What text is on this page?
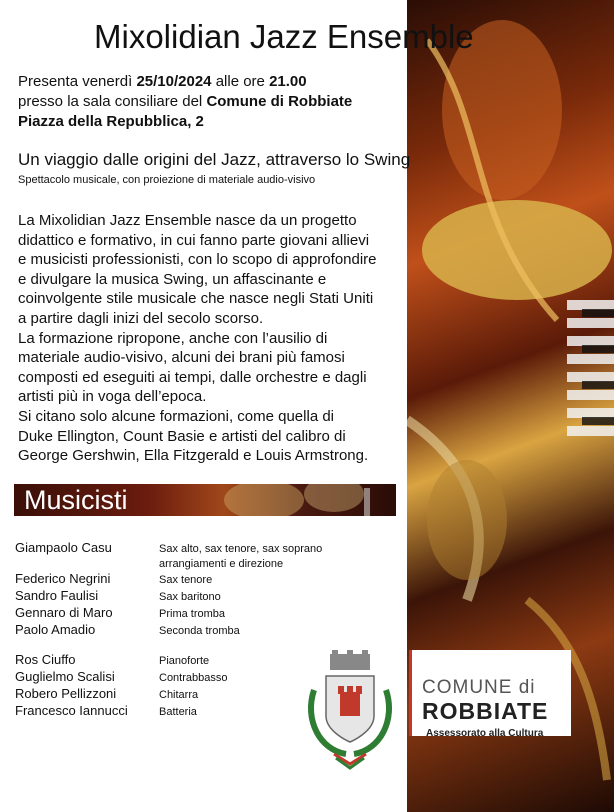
Mixolidian Jazz Ensemble

Presenta venerdì 25/10/2024 alle ore 21.00
presso la sala consiliare del Comune di Robbiate
Piazza della Repubblica, 2

Un viaggio dalle origini del Jazz, attraverso lo Swing
Spettacolo musicale, con proiezione di materiale audio-visivo
La Mixolidian Jazz Ensemble nasce da un progetto
didattico e formativo, in cui fanno parte giovani allievi
e musicisti professionisti, con lo scopo di approfondire
e divulgare la musica Swing, un affascinante e
coinvolgente stile musicale che nasce negli Stati Uniti
a partire dagli inizi del secolo scorso.
La formazione ripropone, anche con l’ausilio di
materiale audio-visivo, alcuni dei brani più famosi
composti ed eseguiti ai tempi, dalle orchestre e dagli
artisti più in voga dell’epoca.
Si citano solo alcune formazioni, come quella di
Duke Ellington, Count Basie e artisti del calibro di
George Gershwin, Ella Fitzgerald e Louis Armstrong.
Musicisti
Giampaolo Casu	Sax alto, sax tenore, sax soprano
arrangiamenti e direzione
Federico Negrini	Sax tenore
Sandro Faulisi	Sax baritono
Gennaro di Maro	Prima tromba
Paolo Amadio	Seconda tromba
Ros Ciuffo	Pianoforte
Guglielmo Scalisi	Contrabbasso
Robero Pellizzoni	Chitarra
Francesco Iannucci	Batteria
COMUNE di
ROBBIATE
Assessorato alla Cultura
